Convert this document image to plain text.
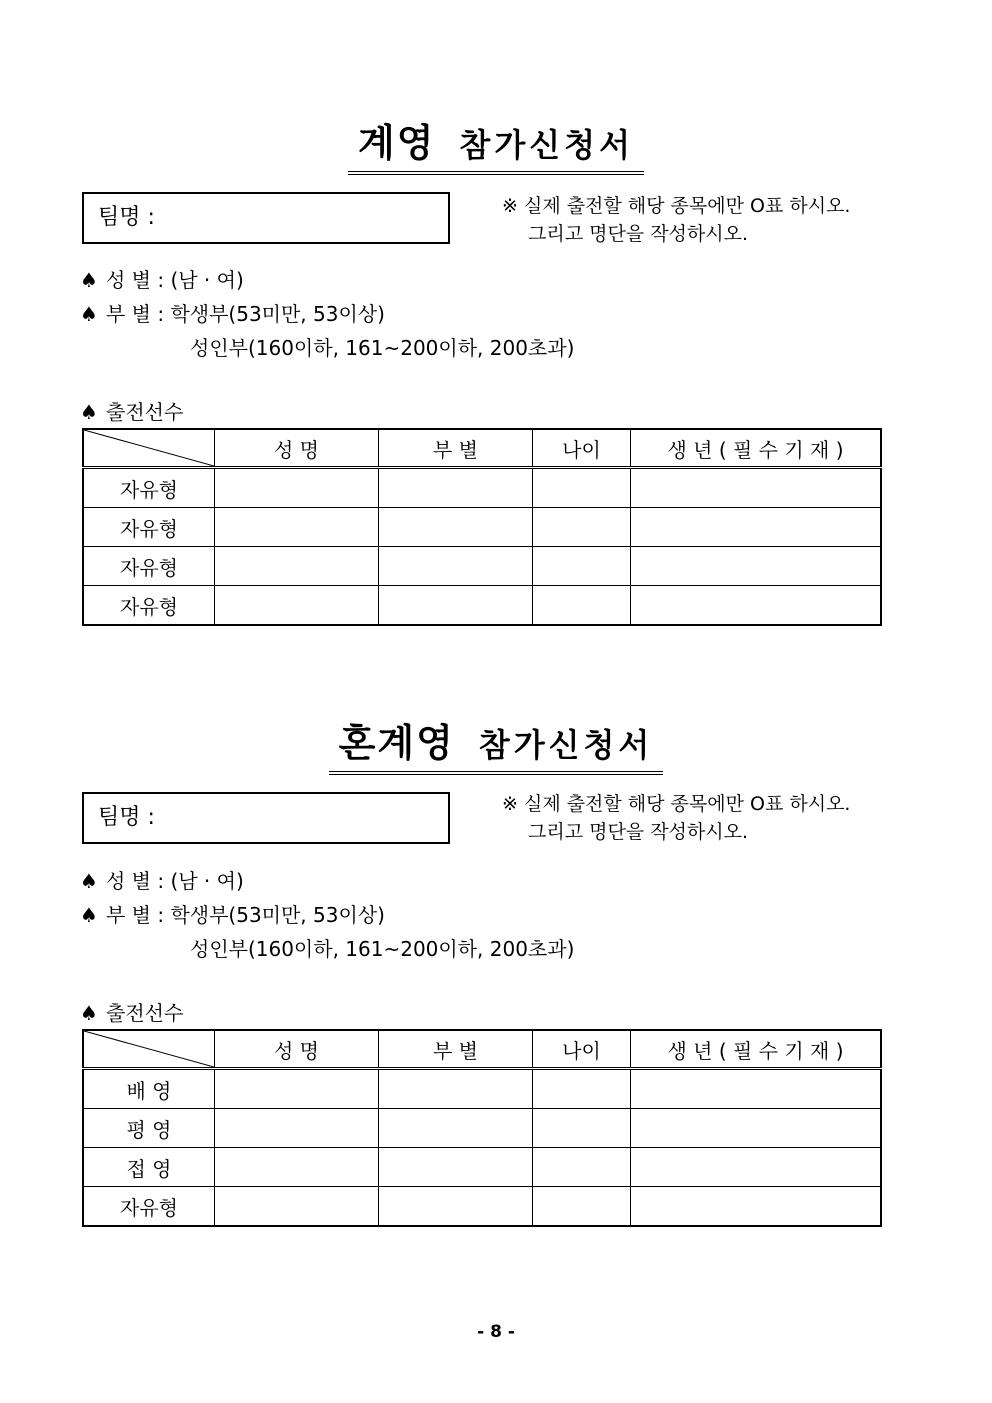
계영 참가신청서
팀명 :	※ 실제 출전할 해당 종목에만 O표 하시오.
그리고 명단을 작성하시오.
♠ 성 별 : (남 · 여)
♠ 부 별 : 학생부(53미만, 53이상)
성인부(160이하, 161~200이하, 200초과)
♠ 출전선수
	성 명	부 별	나이	생 년 ( 필 수 기 재 )
자유형				
자유형				
자유형				
자유형				
혼계영 참가신청서
팀명 :
※ 실제 출전할 해당 종목에만 O표 하시오.
그리고 명단을 작성하시오.
♠ 성 별 : (남 · 여)
♠ 부 별 : 학생부(53미만, 53이상)
성인부(160이하, 161~200이하, 200초과)
♠ 출전선수
	성 명	부 별	나이	생 년 ( 필 수 기 재 )
배 영				
평 영				
접 영				
자유형				
- 8 -
